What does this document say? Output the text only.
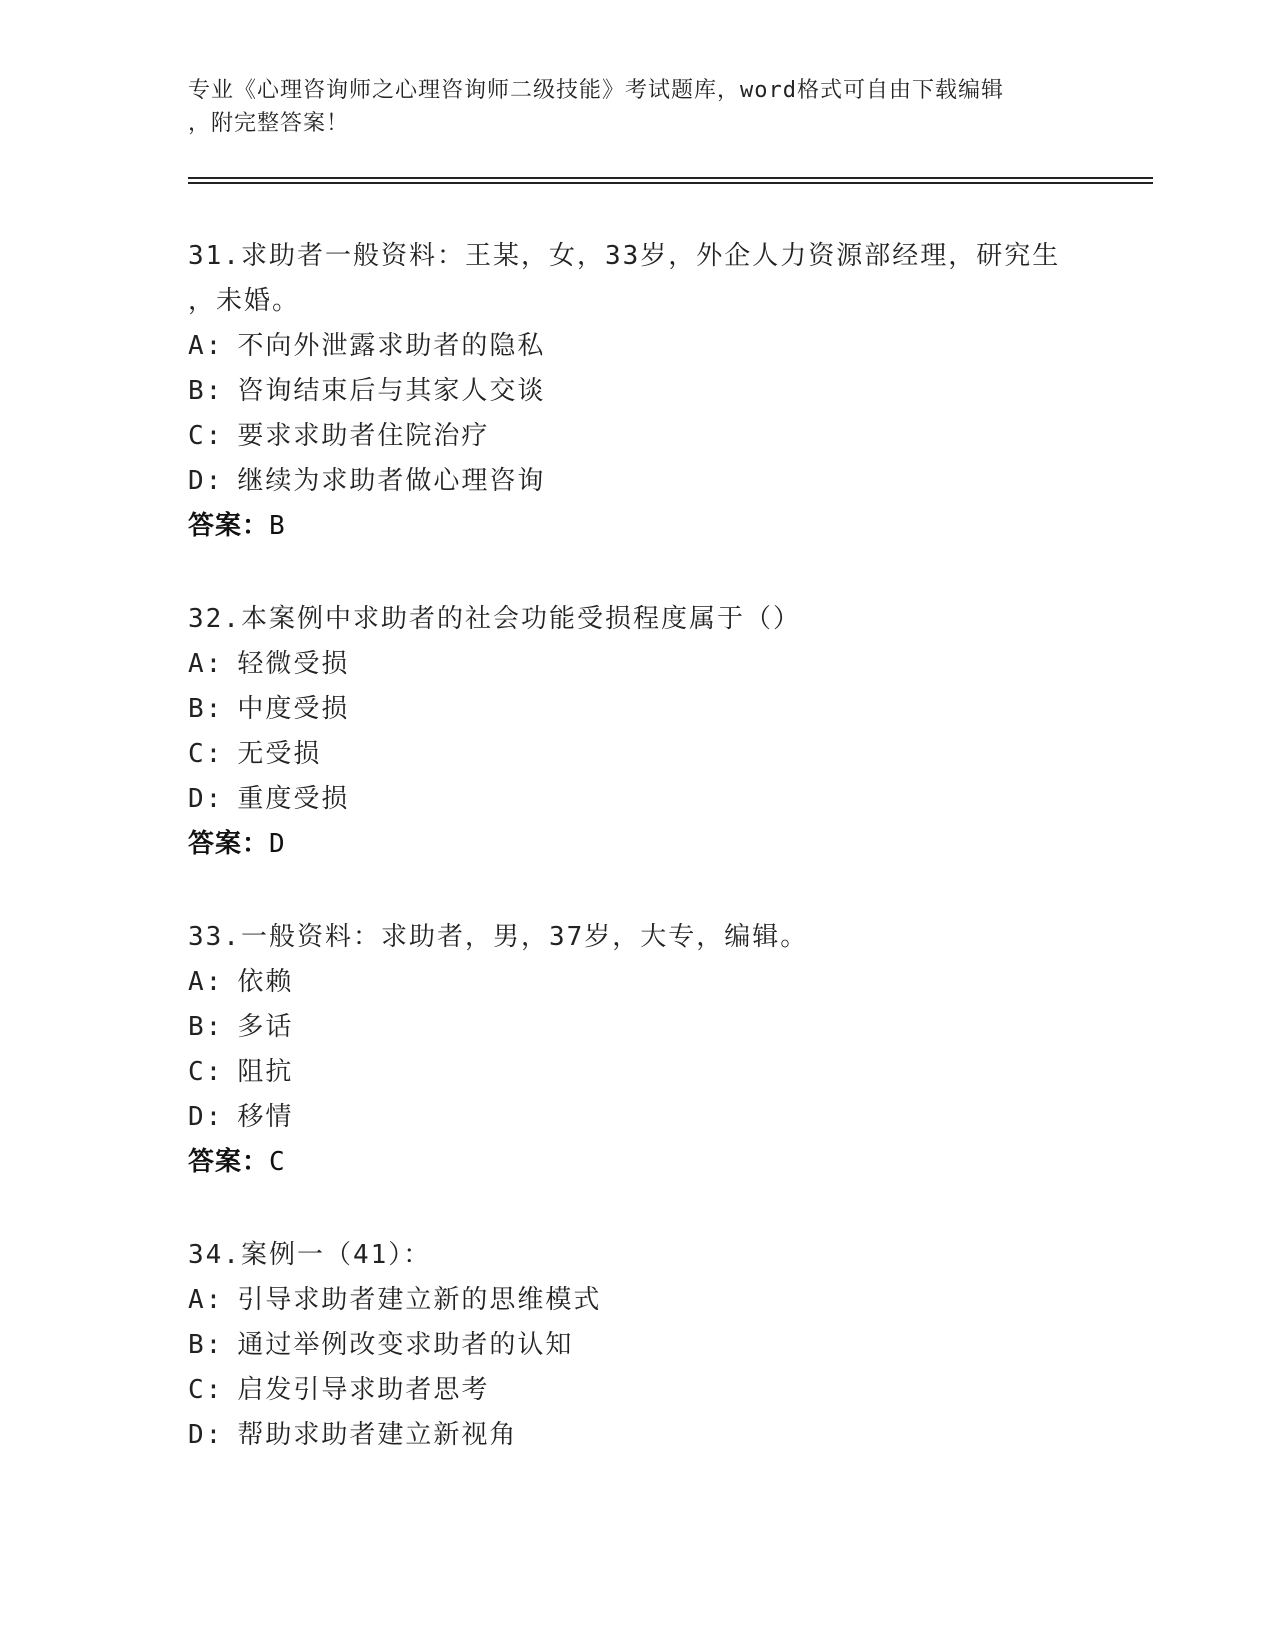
专业《心理咨询师之心理咨询师二级技能》考试题库，word格式可自由下载编辑
，附完整答案！
31.求助者一般资料：王某，女，33岁，外企人力资源部经理，研究生
，未婚。
A: 不向外泄露求助者的隐私
B: 咨询结束后与其家人交谈
C: 要求求助者住院治疗
D: 继续为求助者做心理咨询
答案：B
32.本案例中求助者的社会功能受损程度属于（）
A: 轻微受损
B: 中度受损
C: 无受损
D: 重度受损
答案：D
33.一般资料：求助者，男，37岁，大专，编辑。
A: 依赖
B: 多话
C: 阻抗
D: 移情
答案：C
34.案例一（41）：
A: 引导求助者建立新的思维模式
B: 通过举例改变求助者的认知
C: 启发引导求助者思考
D: 帮助求助者建立新视角
